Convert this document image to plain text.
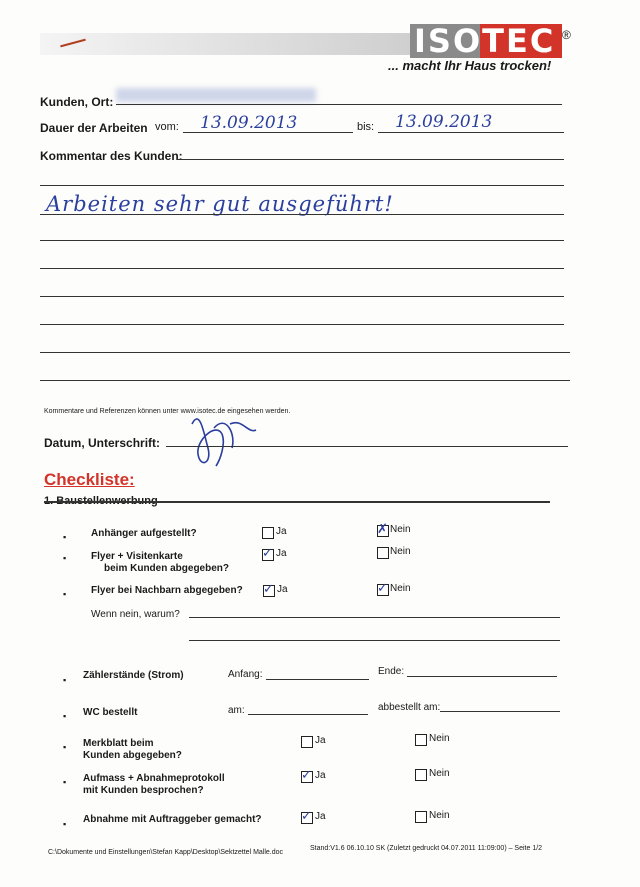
ISOTEC ®
... macht Ihr Haus trocken!
Kunden, Ort:
Dauer der Arbeiten vom: 13.09.2013	bis: 13.09.2013
Kommentar des Kunden:
Arbeiten sehr gut ausgeführt!
Kommentare und Referenzen können unter www.isotec.de eingesehen werden.
Datum, Unterschrift:
Checkliste:
1. Baustellenwerbung
▪ Anhänger aufgestellt?	Ja	✗ Nein
▪ Flyer + Visitenkarte
beim Kunden abgegeben?
✓ Ja	Nein
▪ Flyer bei Nachbarn abgegeben? ✓ Ja	✓ Nein
Wenn nein, warum?
▪ Zählerstände (Strom)	Anfang:	Ende:
▪ WC bestellt	am:	abbestellt am:
▪ Merkblatt beim
Kunden abgegeben?
Ja	Nein
▪ Aufmass + Abnahmeprotokoll
mit Kunden besprochen?
✓ Ja	Nein
▪ Abnahme mit Auftraggeber gemacht?	✓ Ja	Nein
C:\Dokumente und Einstellungen\Stefan Kapp\Desktop\Sektzettel Malle.doc
Stand:V1.6 06.10.10 SK (Zuletzt gedruckt 04.07.2011 11:09:00) – Seite 1/2
